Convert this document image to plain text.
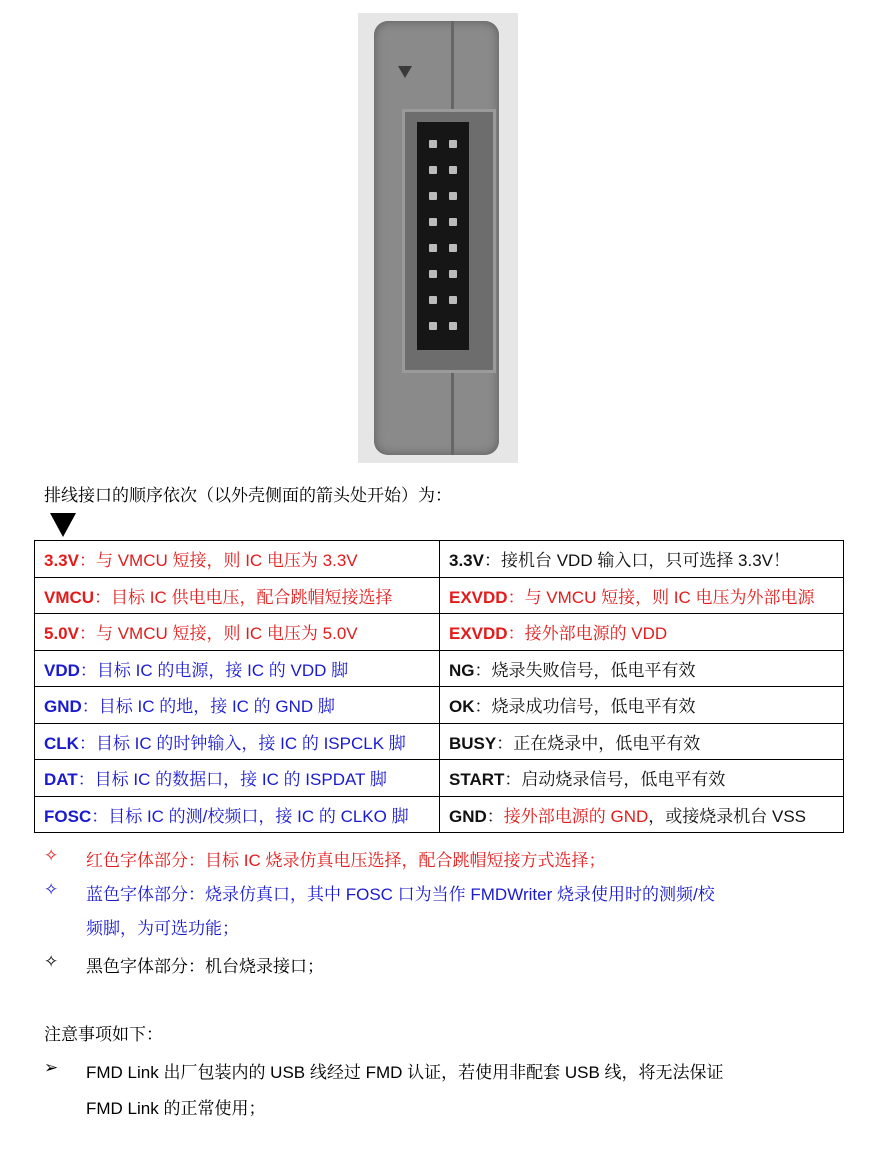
排线接口的顺序依次（以外壳侧面的箭头处开始）为：
3.3V：与 VMCU 短接，则 IC 电压为 3.3V	3.3V：接机台 VDD 输入口，只可选择 3.3V！
VMCU：目标 IC 供电电压，配合跳帽短接选择	EXVDD：与 VMCU 短接，则 IC 电压为外部电源
5.0V：与 VMCU 短接，则 IC 电压为 5.0V	EXVDD：接外部电源的 VDD
VDD：目标 IC 的电源，接 IC 的 VDD 脚	NG：烧录失败信号，低电平有效
GND：目标 IC 的地，接 IC 的 GND 脚	OK：烧录成功信号，低电平有效
CLK：目标 IC 的时钟输入，接 IC 的 ISPCLK 脚	BUSY：正在烧录中，低电平有效
DAT：目标 IC 的数据口，接 IC 的 ISPDAT 脚	START：启动烧录信号，低电平有效
FOSC：目标 IC 的测/校频口，接 IC 的 CLKO 脚	GND：接外部电源的 GND，或接烧录机台 VSS
✧ 红色字体部分：目标 IC 烧录仿真电压选择，配合跳帽短接方式选择；
✧ 蓝色字体部分：烧录仿真口，其中 FOSC 口为当作 FMDWriter 烧录使用时的测频/校
频脚，为可选功能；
✧ 黑色字体部分：机台烧录接口；
注意事项如下：
➢ FMD Link 出厂包装内的 USB 线经过 FMD 认证，若使用非配套 USB 线，将无法保证
FMD Link 的正常使用；
